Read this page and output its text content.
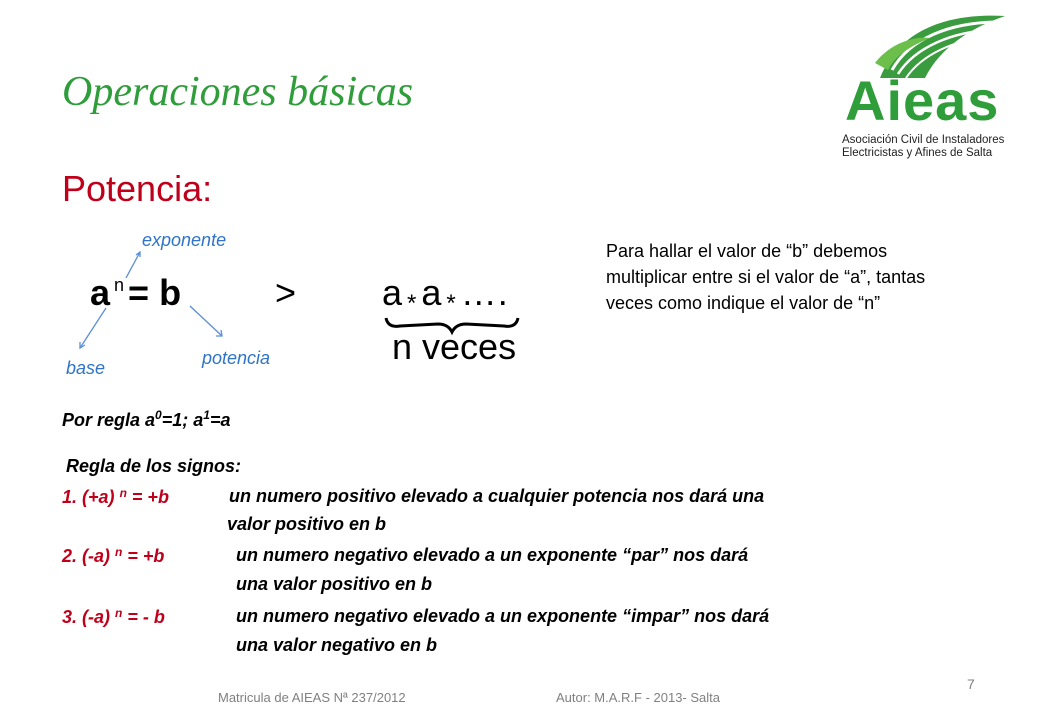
Operaciones básicas	Aieas
Asociación Civil de Instaladores
Electricistas y Afines de Salta
Potencia:
exponente
base	potencia
a $^n$ = b	> a * a * ….
n veces
Para hallar el valor de “b” debemos multiplicar entre si el valor de “a”, tantas veces como indique el valor de “n”
Por regla $a^0=1$; $a^1=a$
Regla de los signos:
1. (+a) $^n$ = +b	un numero positivo elevado a cualquier potencia nos dará una
valor positivo en b
2. (-a) $^n$ = +b	un numero negativo elevado a un exponente “par” nos dará
una valor positivo en b
3. (-a) $^n$ = - b	un numero negativo elevado a un exponente “impar” nos dará
una valor negativo en b
7
Matricula de AIEAS Nª 237/2012	Autor: M.A.R.F - 2013- Salta
